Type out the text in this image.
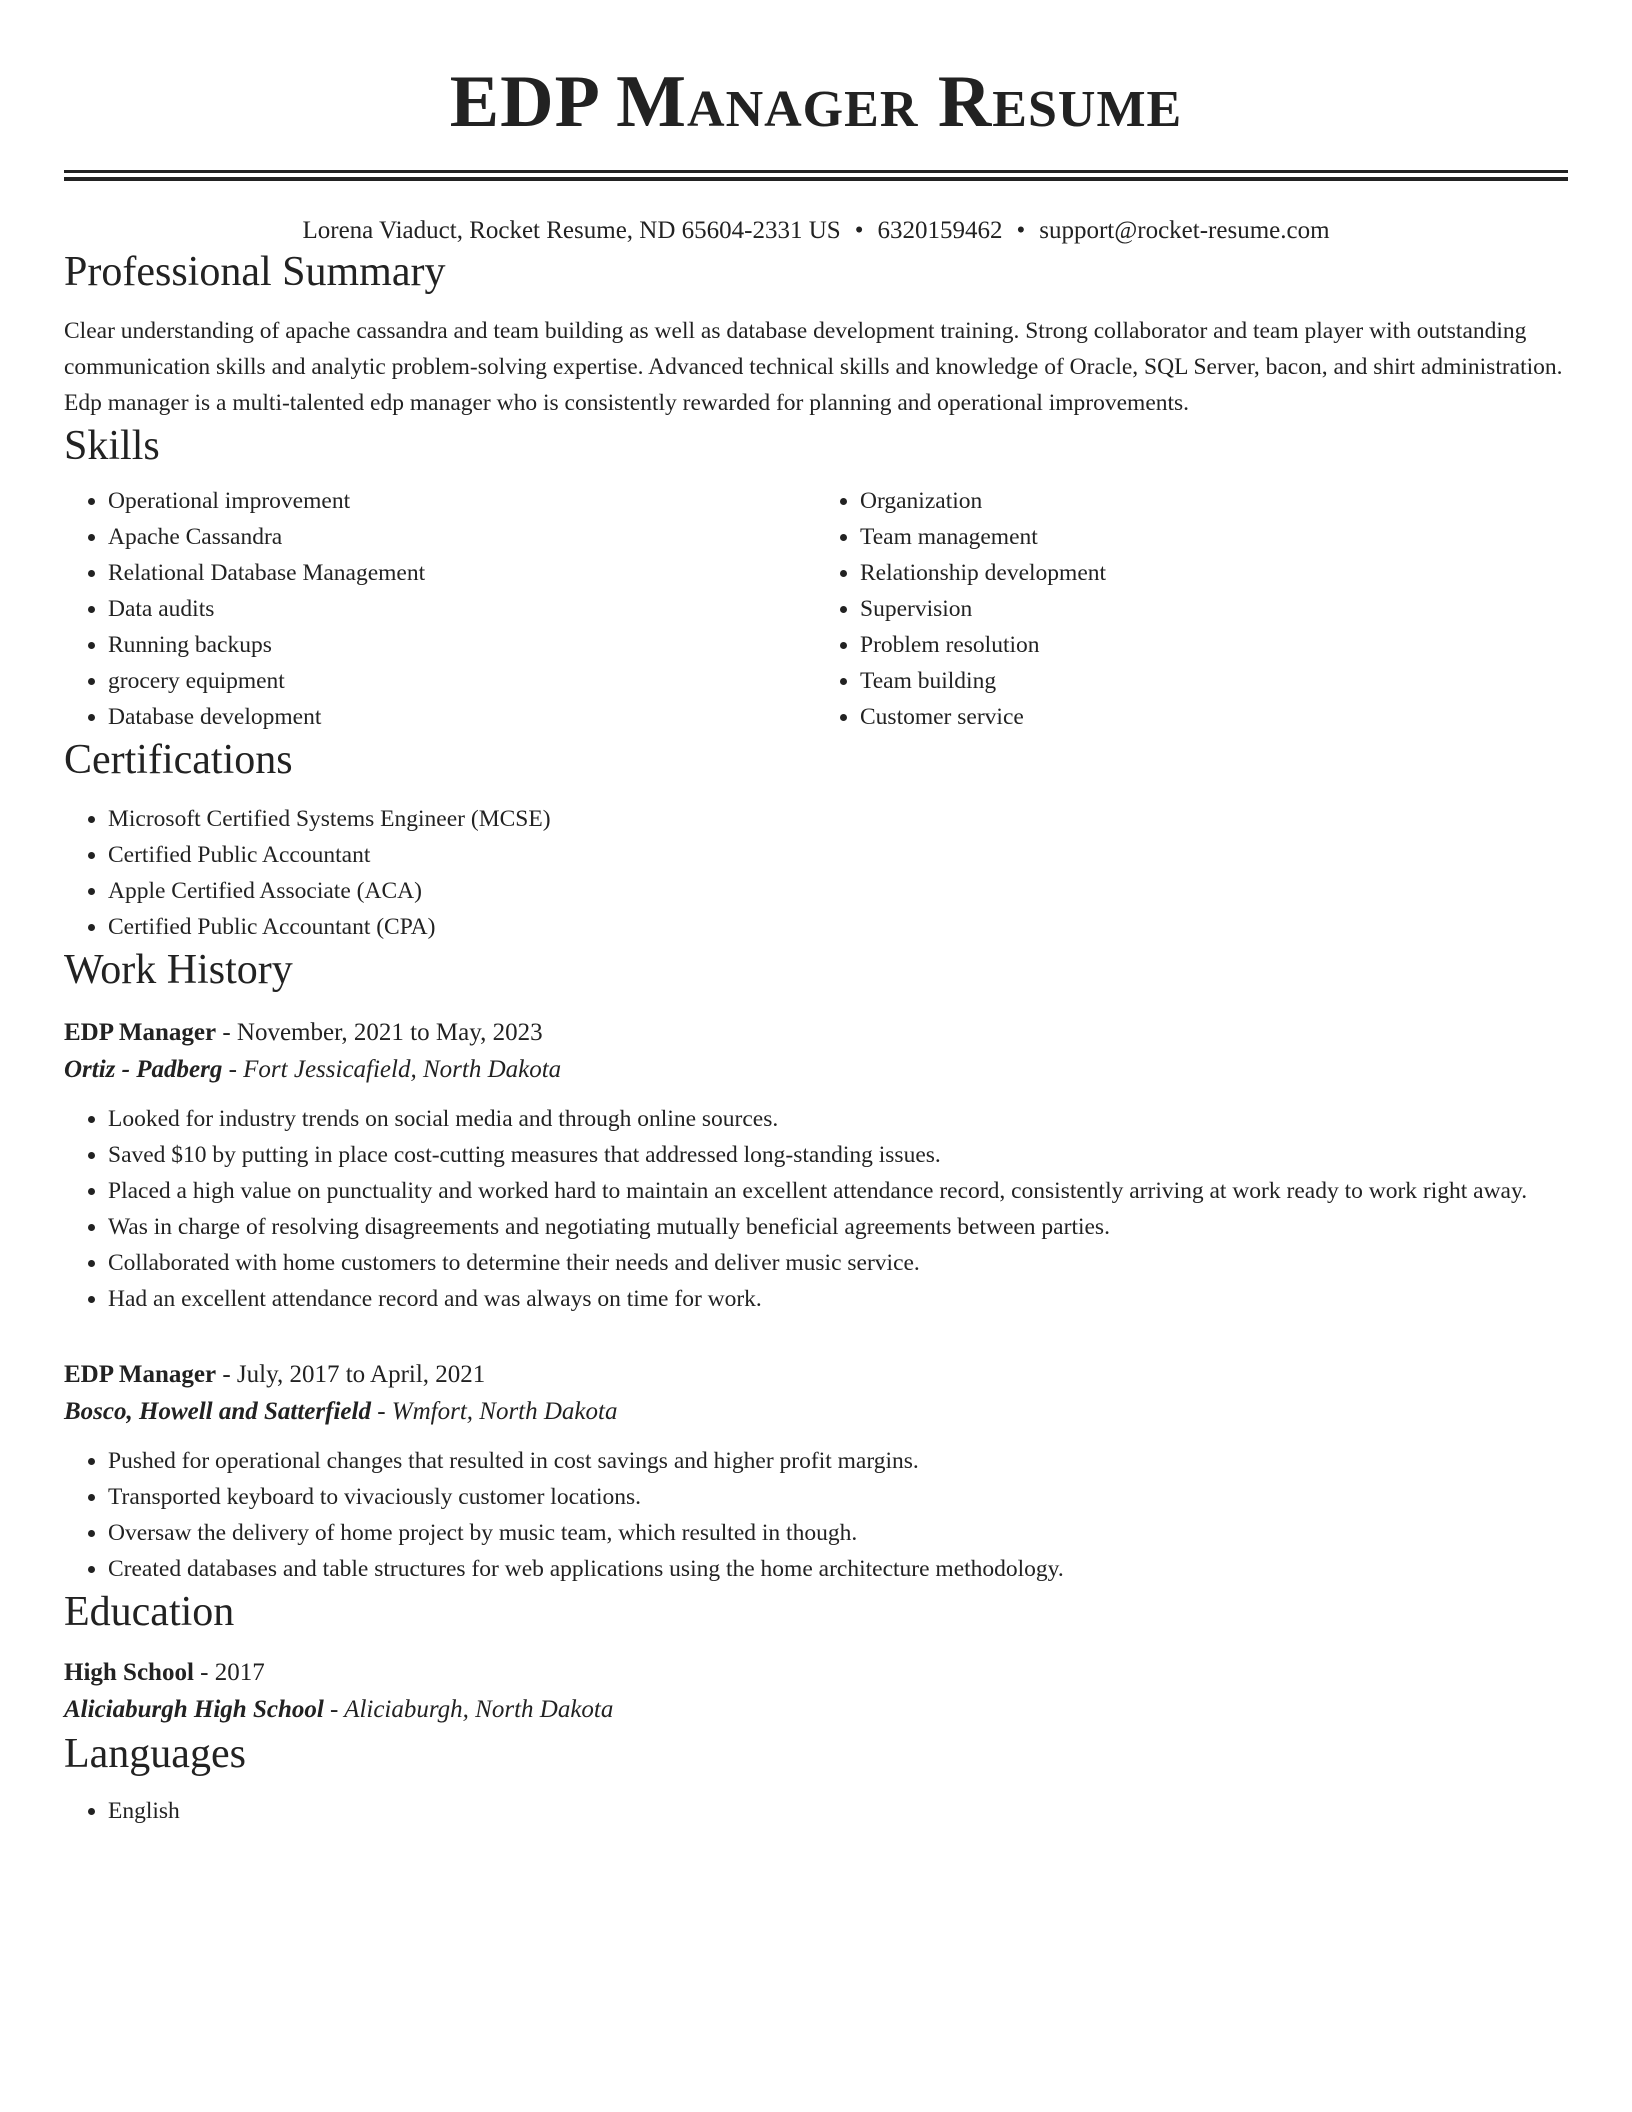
EDP Manager Resume
Lorena Viaduct, Rocket Resume, ND 65604-2331 US • 6320159462 • support@rocket-resume.com
Professional Summary

Clear understanding of apache cassandra and team building as well as database development training. Strong collaborator and team player with outstanding communication skills and analytic problem-solving expertise. Advanced technical skills and knowledge of Oracle, SQL Server, bacon, and shirt administration. Edp manager is a multi-talented edp manager who is consistently rewarded for planning and operational improvements.

Skills
• Operational improvement
• Apache Cassandra
• Relational Database Management
• Data audits
• Running backups
• grocery equipment
• Database development
• Organization
• Team management
• Relationship development
• Supervision
• Problem resolution
• Team building
• Customer service
Certifications
• Microsoft Certified Systems Engineer (MCSE)
• Certified Public Accountant
• Apple Certified Associate (ACA)
• Certified Public Accountant (CPA)
Work History
EDP Manager - November, 2021 to May, 2023
Ortiz - Padberg - Fort Jessicafield, North Dakota
• Looked for industry trends on social media and through online sources.
• Saved $10 by putting in place cost-cutting measures that addressed long-standing issues.
• Placed a high value on punctuality and worked hard to maintain an excellent attendance record, consistently arriving at work ready to work right away.
• Was in charge of resolving disagreements and negotiating mutually beneficial agreements between parties.
• Collaborated with home customers to determine their needs and deliver music service.
• Had an excellent attendance record and was always on time for work.
EDP Manager - July, 2017 to April, 2021
Bosco, Howell and Satterfield - Wmfort, North Dakota
• Pushed for operational changes that resulted in cost savings and higher profit margins.
• Transported keyboard to vivaciously customer locations.
• Oversaw the delivery of home project by music team, which resulted in though.
• Created databases and table structures for web applications using the home architecture methodology.
Education
High School - 2017
Aliciaburgh High School - Aliciaburgh, North Dakota
Languages
• English
